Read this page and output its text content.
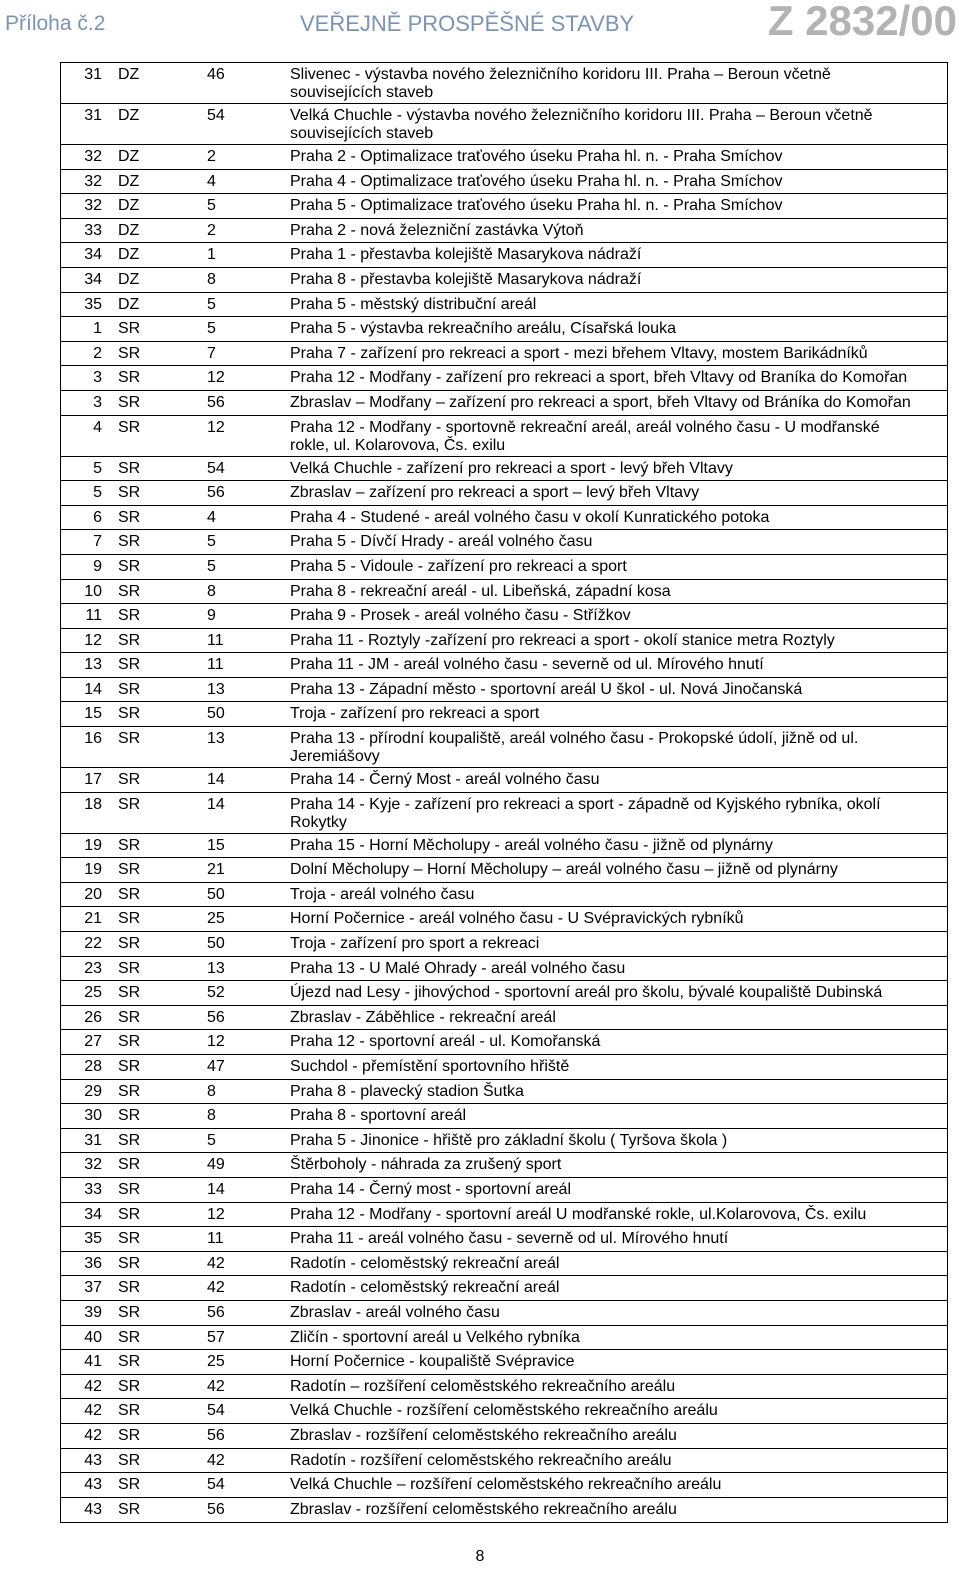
Příloha č.2	VEŘEJNĚ PROSPĚŠNÉ STAVBY	Z 2832/00
31	DZ	46	Slivenec - výstavba nového železničního koridoru III. Praha – Beroun včetně souvisejících staveb
31	DZ	54	Velká Chuchle - výstavba nového železničního koridoru III. Praha – Beroun včetně souvisejících staveb
32	DZ	2	Praha 2 - Optimalizace traťového úseku Praha hl. n. - Praha Smíchov
32	DZ	4	Praha 4 - Optimalizace traťového úseku Praha hl. n. - Praha Smíchov
32	DZ	5	Praha 5 - Optimalizace traťového úseku Praha hl. n. - Praha Smíchov
33	DZ	2	Praha 2 - nová železniční zastávka Výtoň
34	DZ	1	Praha 1 - přestavba kolejiště Masarykova nádraží
34	DZ	8	Praha 8 - přestavba kolejiště Masarykova nádraží
35	DZ	5	Praha 5 - městský distribuční areál
1	SR	5	Praha 5 - výstavba rekreačního areálu, Císařská louka
2	SR	7	Praha 7 - zařízení pro rekreaci a sport - mezi břehem Vltavy, mostem Barikádníků
3	SR	12	Praha 12 - Modřany - zařízení pro rekreaci a sport, břeh Vltavy od Braníka do Komořan
3	SR	56	Zbraslav – Modřany – zařízení pro rekreaci a sport, břeh Vltavy od Bráníka do Komořan
4	SR	12	Praha 12 - Modřany - sportovně rekreační areál, areál volného času - U modřanské rokle, ul. Kolarovova, Čs. exilu
5	SR	54	Velká Chuchle - zařízení pro rekreaci a sport - levý břeh Vltavy
5	SR	56	Zbraslav – zařízení pro rekreaci a sport – levý břeh Vltavy
6	SR	4	Praha 4 - Studené - areál volného času v okolí Kunratického potoka
7	SR	5	Praha 5 - Dívčí Hrady - areál volného času
9	SR	5	Praha 5 - Vidoule - zařízení pro rekreaci a sport
10	SR	8	Praha 8 - rekreační areál - ul. Libeňská, západní kosa
11	SR	9	Praha 9 - Prosek - areál volného času - Střížkov
12	SR	11	Praha 11 - Roztyly -zařízení pro rekreaci a sport - okolí stanice metra Roztyly
13	SR	11	Praha 11 - JM - areál volného času - severně od ul. Mírového hnutí
14	SR	13	Praha 13 - Západní město - sportovní areál U škol - ul. Nová Jinočanská
15	SR	50	Troja - zařízení pro rekreaci a sport
16	SR	13	Praha 13 - přírodní koupaliště, areál volného času - Prokopské údolí, jižně od ul. Jeremiášovy
17	SR	14	Praha 14 - Černý Most - areál volného času
18	SR	14	Praha 14 - Kyje - zařízení pro rekreaci a sport - západně od Kyjského rybníka, okolí Rokytky
19	SR	15	Praha 15 - Horní Měcholupy - areál volného času - jižně od plynárny
19	SR	21	Dolní Měcholupy – Horní Měcholupy – areál volného času – jižně od plynárny
20	SR	50	Troja - areál volného času
21	SR	25	Horní Počernice - areál volného času - U Svépravických rybníků
22	SR	50	Troja - zařízení pro sport a rekreaci
23	SR	13	Praha 13 - U Malé Ohrady - areál volného času
25	SR	52	Újezd nad Lesy - jihovýchod - sportovní areál pro školu, bývalé koupaliště Dubinská
26	SR	56	Zbraslav - Záběhlice - rekreační areál
27	SR	12	Praha 12 - sportovní areál - ul. Komořanská
28	SR	47	Suchdol - přemístění sportovního hřiště
29	SR	8	Praha 8 - plavecký stadion Šutka
30	SR	8	Praha 8 - sportovní areál
31	SR	5	Praha 5 - Jinonice - hřiště pro základní školu ( Tyršova škola )
32	SR	49	Štěrboholy - náhrada za zrušený sport
33	SR	14	Praha 14 - Černý most - sportovní areál
34	SR	12	Praha 12 - Modřany - sportovní areál U modřanské rokle, ul.Kolarovova, Čs. exilu
35	SR	11	Praha 11 - areál volného času - severně od ul. Mírového hnutí
36	SR	42	Radotín - celoměstský rekreační areál
37	SR	42	Radotín - celoměstský rekreační areál
39	SR	56	Zbraslav - areál volného času
40	SR	57	Zličín - sportovní areál u Velkého rybníka
41	SR	25	Horní Počernice - koupaliště Svépravice
42	SR	42	Radotín – rozšíření celoměstského rekreačního areálu
42	SR	54	Velká Chuchle - rozšíření celoměstského rekreačního areálu
42	SR	56	Zbraslav - rozšíření celoměstského rekreačního areálu
43	SR	42	Radotín - rozšíření celoměstského rekreačního areálu
43	SR	54	Velká Chuchle – rozšíření celoměstského rekreačního areálu
43	SR	56	Zbraslav - rozšíření celoměstského rekreačního areálu
8
